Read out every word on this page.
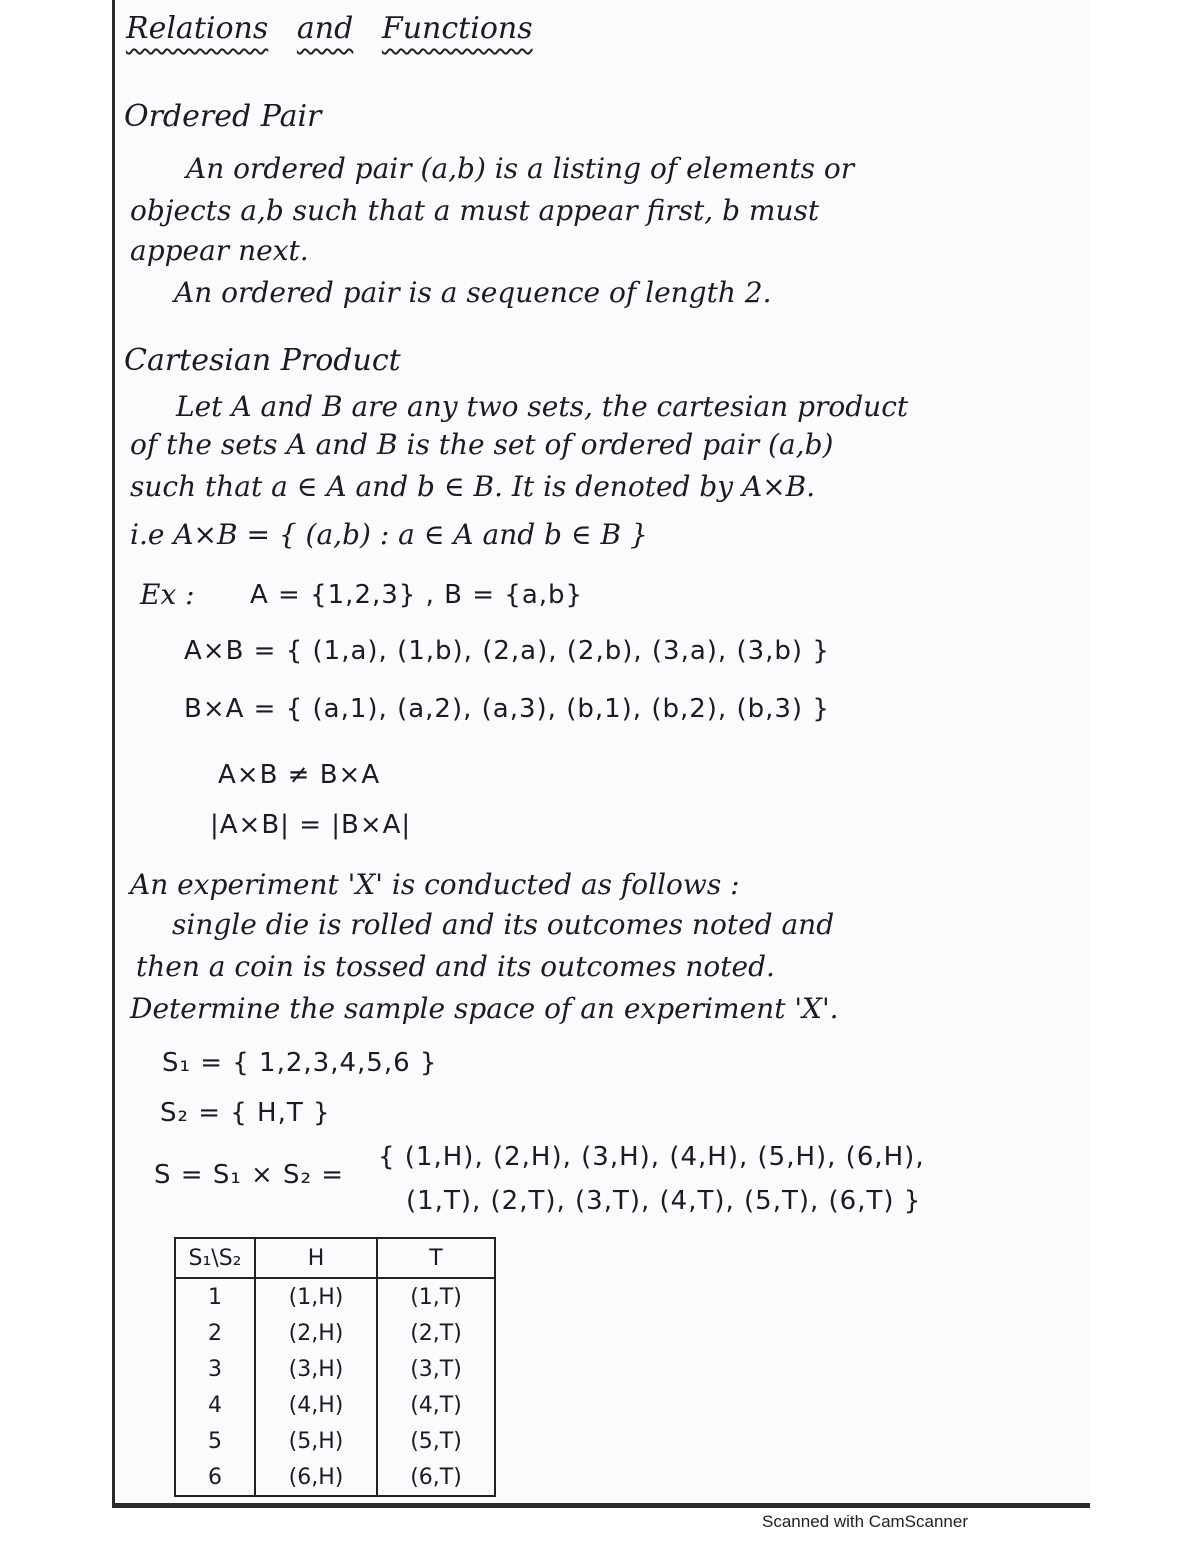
Relations and Functions
Ordered Pair
An ordered pair (a,b) is a listing of elements or
objects a,b such that a must appear first, b must
appear next.
An ordered pair is a sequence of length 2.
Cartesian Product
Let A and B are any two sets, the cartesian product
of the sets A and B is the set of ordered pair (a,b)
such that a ∈ A and b ∈ B. It is denoted by A×B.
i.e A×B = { (a,b) : a ∈ A and b ∈ B }
Ex : A = {1,2,3} , B = {a,b}
A×B = { (1,a), (1,b), (2,a), (2,b), (3,a), (3,b) }
B×A = { (a,1), (a,2), (a,3), (b,1), (b,2), (b,3) }
A×B ≠ B×A
|A×B| = |B×A|
An experiment 'X' is conducted as follows :
single die is rolled and its outcomes noted and
then a coin is tossed and its outcomes noted.
Determine the sample space of an experiment 'X'.
S₁ = { 1,2,3,4,5,6 }
S₂ = { H,T }
S = S₁ × S₂ =
{ (1,H), (2,H), (3,H), (4,H), (5,H), (6,H),
(1,T), (2,T), (3,T), (4,T), (5,T), (6,T) }
S₁\S₂	H	T
1	(1,H)	(1,T)
2	(2,H)	(2,T)
3	(3,H)	(3,T)
4	(4,H)	(4,T)
5	(5,H)	(5,T)
6	(6,H)	(6,T)
Scanned with CamScanner
